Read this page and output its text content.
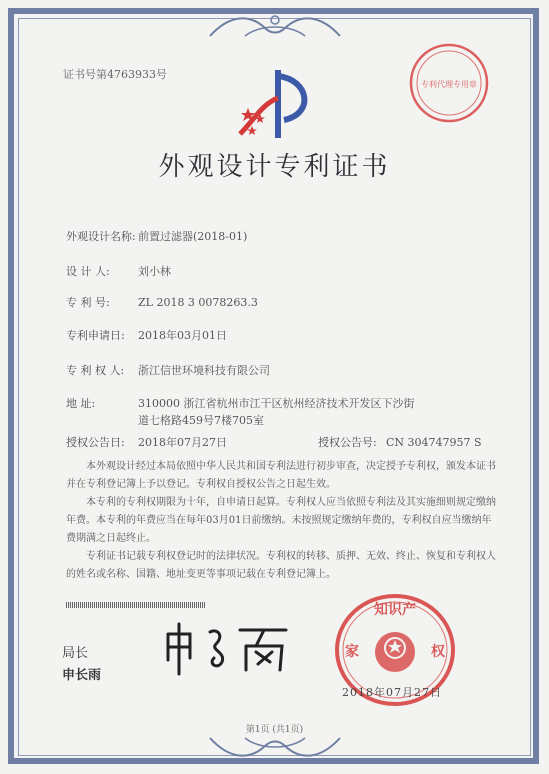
证书号第4763933号
专利代理专用章
外观设计专利证书
外观设计名称: 前置过滤器(2018-01)
设 计 人:	刘小林
专 利 号:	ZL 2018 3 0078263.3
专利申请日: 2018年03月01日
专 利 权 人: 浙江信世环境科技有限公司
地 址:	310000 浙江省杭州市江干区杭州经济技术开发区下沙街
道七格路459号7楼705室
授权公告日: 2018年07月27日	授权公告号: CN 304747957 S

本外观设计经过本局依照中华人民共和国专利法进行初步审查，决定授予专利权，颁发本证书并在专利登记簿上予以登记。专利权自授权公告之日起生效。

本专利的专利权期限为十年，自申请日起算。专利权人应当依照专利法及其实施细则规定缴纳年费。本专利的年费应当在每年03月01日前缴纳。未按照规定缴纳年费的，专利权自应当缴纳年费期满之日起终止。

专利证书记载专利权登记时的法律状况。专利权的转移、质押、无效、终止、恢复和专利权人的姓名或名称、国籍、地址变更等事项记载在专利登记簿上。

局长
申长雨
知识产
家	权
2018年07月27日
第1页 (共1页)
